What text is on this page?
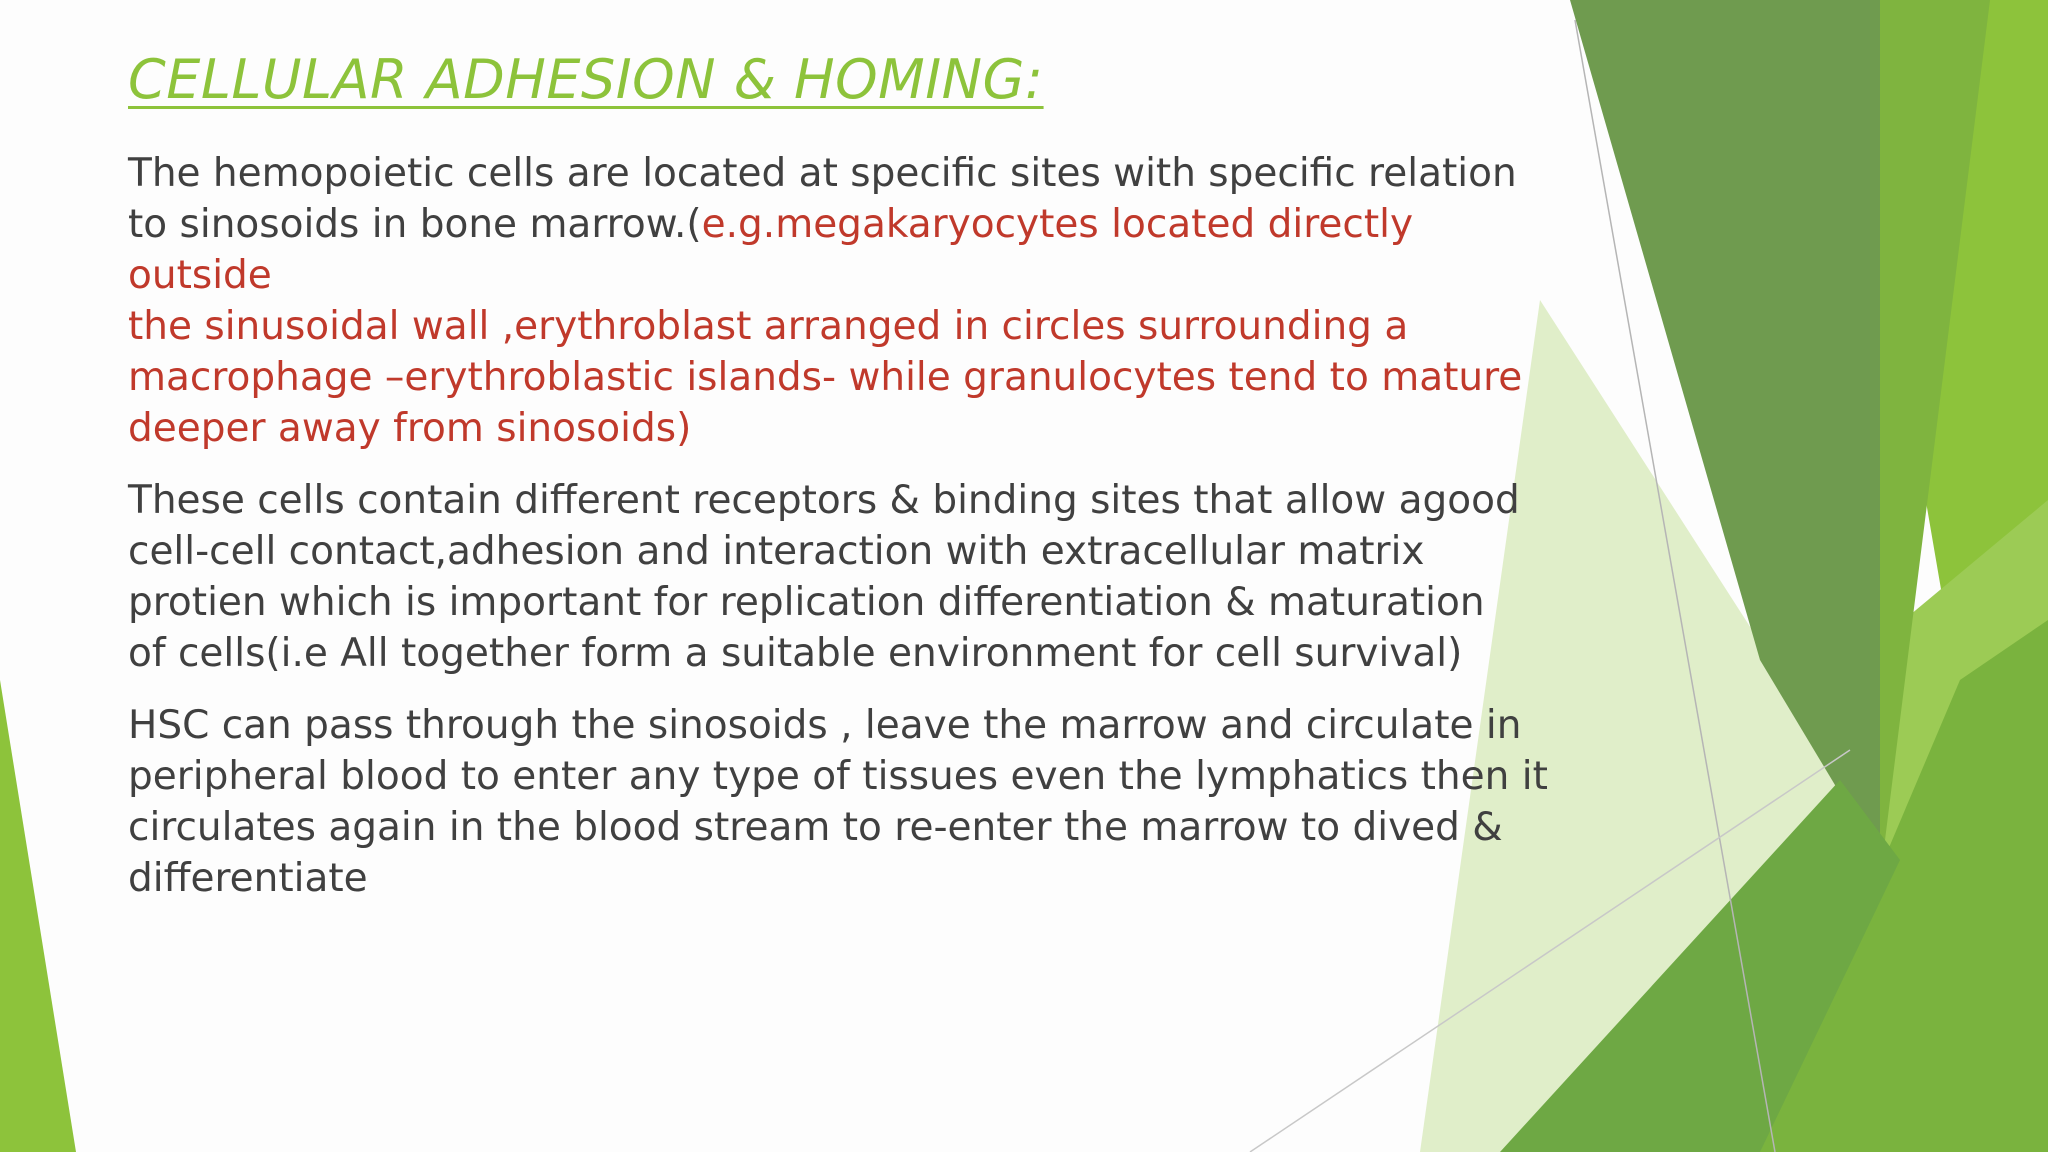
CELLULAR ADHESION & HOMING:

The hemopoietic cells are located at specific sites with specific relation
to sinosoids in bone marrow.(e.g.megakaryocytes located directly outside
the sinusoidal wall ,erythroblast arranged in circles surrounding a
macrophage –erythroblastic islands- while granulocytes tend to mature
deeper away from sinosoids)

These cells contain different receptors & binding sites that allow agood
cell-cell contact,adhesion and interaction with extracellular matrix
protien which is important for replication differentiation & maturation
of cells(i.e All together form a suitable environment for cell survival)

HSC can pass through the sinosoids , leave the marrow and circulate in
peripheral blood to enter any type of tissues even the lymphatics then it
circulates again in the blood stream to re-enter the marrow to dived &
differentiate
